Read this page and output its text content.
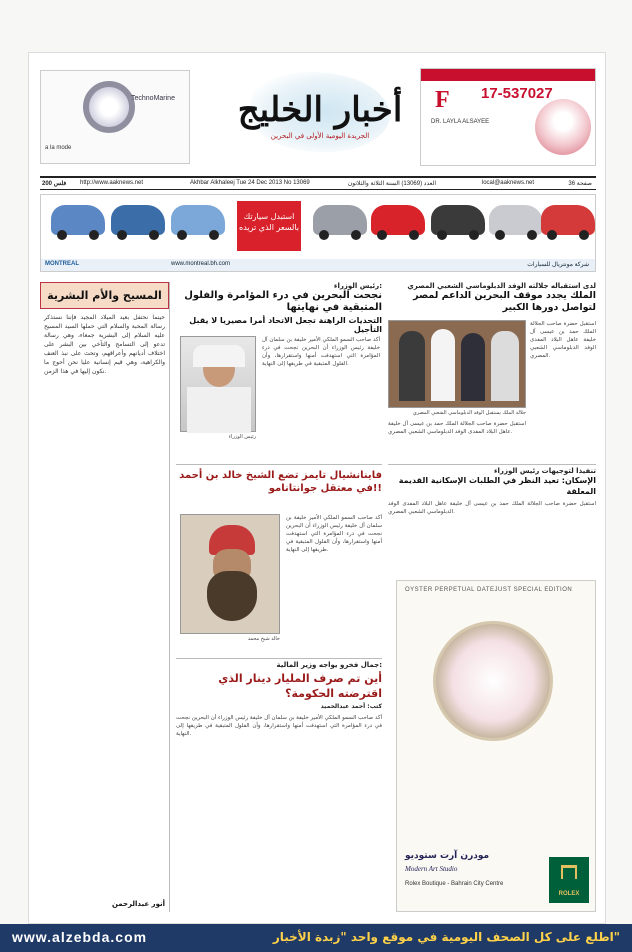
TechnoMarine
a la mode
أخبار الخليج
الجريدة اليومية الأولى في البحرين
F 17-537027
DR. LAYLA ALSAYEE
36 صفحة
local@aaknews.net
العدد (13069) السنة الثلاثة والثلاثون
Akhbar Alkhaleej Tue 24 Dec 2013 No 13069
http://www.aaknews.net
200 فلس
استبدل سيارتك بالسعر الذي تريده
MONTREAL	www.montreal.bh.com	شركة مونتريال للسيارات
المسيح والأم البشرية
حينما نحتفل بعيد الميلاد المجيد فإننا نستذكر رسالة المحبة والسلام التي حملها السيد المسيح عليه السلام إلى البشرية جمعاء، وهي رسالة تدعو إلى التسامح والتآخي بين البشر على اختلاف أديانهم وأعراقهم، وتحث على نبذ العنف والكراهية، وهي قيم إنسانية عليا نحن أحوج ما نكون إليها في هذا الزمن.
أنور عبدالرحمن
رئيس الوزراء:
نجحت البحرين في درء المؤامرة والفلول المتبقية في نهايتها
التحديات الراهنة تجعل الاتحاد أمرا مصيريا لا يقبل التأجيل
رئيس الوزراء
أكد صاحب السمو الملكي الأمير خليفة بن سلمان آل خليفة رئيس الوزراء أن البحرين نجحت في درء المؤامرة التي استهدفت أمنها واستقرارها، وأن الفلول المتبقية في طريقها إلى النهاية.
لدى استقباله جلالته الوفد الدبلوماسي الشعبي المصري
الملك يجدد موقف البحرين الداعم لمصر لتواصل دورها الكبير
جلالة الملك يستقبل الوفد الدبلوماسي الشعبي المصري
استقبل حضرة صاحب الجلالة الملك حمد بن عيسى آل خليفة عاهل البلاد المفدى الوفد الدبلوماسي الشعبي المصري.
استقبل حضرة صاحب الجلالة الملك حمد بن عيسى آل خليفة عاهل البلاد المفدى الوفد الدبلوماسي الشعبي المصري.
تنفيذا لتوجيهات رئيس الوزراء
الإسكان: تعيد النظر في الطلبات الإسكانية القديمة المعلقة
استقبل حضرة صاحب الجلالة الملك حمد بن عيسى آل خليفة عاهل البلاد المفدى الوفد الدبلوماسي الشعبي المصري.
فاينانشيال تايمز تضع الشيخ خالد بن أحمد في معتقل جوانتانامو!!
خالد شيخ محمد
أكد صاحب السمو الملكي الأمير خليفة بن سلمان آل خليفة رئيس الوزراء أن البحرين نجحت في درء المؤامرة التي استهدفت أمنها واستقرارها، وأن الفلول المتبقية في طريقها إلى النهاية.
جمال فخرو يواجه وزير المالية:
أين تم صرف المليار دينار الذي اقترضته الحكومة؟
كتب: أحمد عبدالحميد
أكد صاحب السمو الملكي الأمير خليفة بن سلمان آل خليفة رئيس الوزراء أن البحرين نجحت في درء المؤامرة التي استهدفت أمنها واستقرارها، وأن الفلول المتبقية في طريقها إلى النهاية.
OYSTER PERPETUAL DATEJUST SPECIAL EDITION
مودرن آرت ستوديو
Modern Art Studio
Rolex Boutique - Bahrain City Centre
ROLEX
www.alzebda.com	اطلع على كل الصحف اليومية في موقع واحد "زبدة الأخبار"
